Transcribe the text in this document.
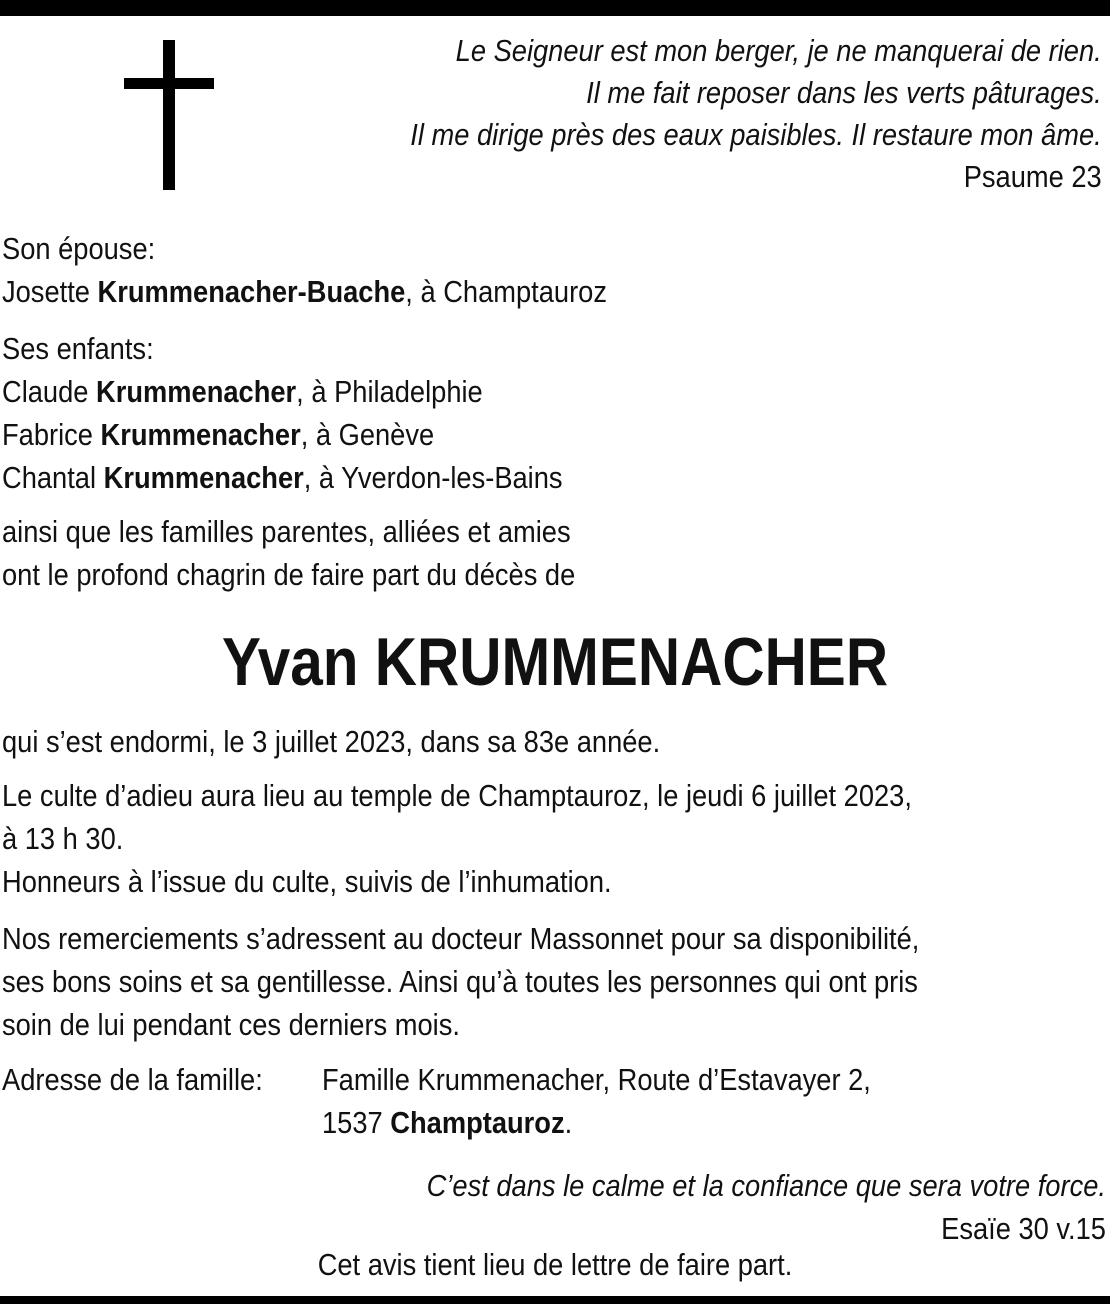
Le Seigneur est mon berger, je ne manquerai de rien.
Il me fait reposer dans les verts pâturages.
Il me dirige près des eaux paisibles. Il restaure mon âme.
Psaume 23
Son épouse:
Josette Krummenacher-Buache, à Champtauroz
Ses enfants:
Claude Krummenacher, à Philadelphie
Fabrice Krummenacher, à Genève
Chantal Krummenacher, à Yverdon-les-Bains
ainsi que les familles parentes, alliées et amies
ont le profond chagrin de faire part du décès de
Yvan KRUMMENACHER
qui s’est endormi, le 3 juillet 2023, dans sa 83e année.
Le culte d’adieu aura lieu au temple de Champtauroz, le jeudi 6 juillet 2023,
à 13 h 30.
Honneurs à l’issue du culte, suivis de l’inhumation.
Nos remerciements s’adressent au docteur Massonnet pour sa disponibilité,
ses bons soins et sa gentillesse. Ainsi qu’à toutes les personnes qui ont pris
soin de lui pendant ces derniers mois.
Adresse de la famille: Famille Krummenacher, Route d’Estavayer 2,
1537 Champtauroz.
C’est dans le calme et la confiance que sera votre force.
Esaïe 30 v.15
Cet avis tient lieu de lettre de faire part.
